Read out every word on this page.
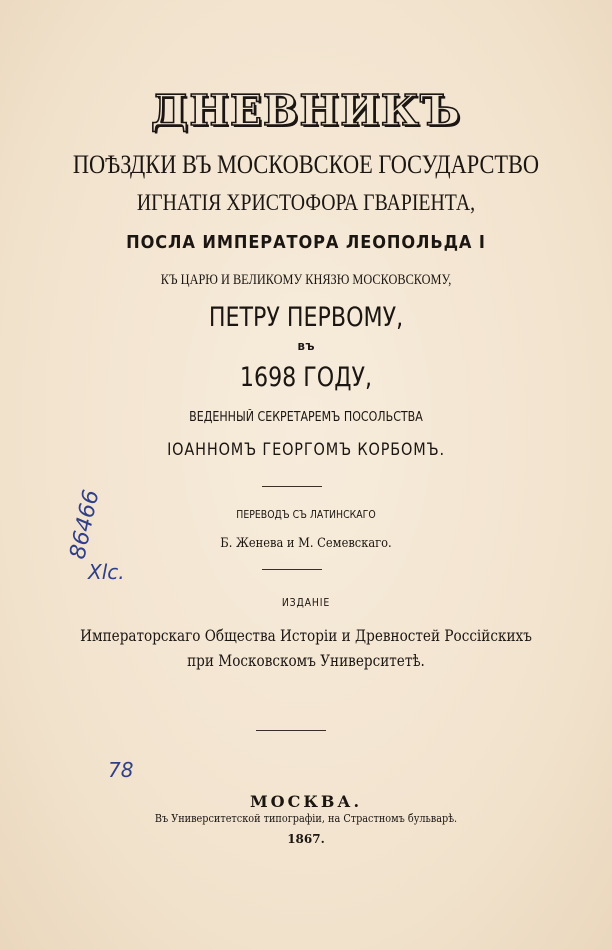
ДНЕВНИКЪ
ПОѢЗДКИ ВЪ МОСКОВСКОЕ ГОСУДАРСТВО
ИГНАТІЯ ХРИСТОФОРА ГВАРІЕНТА,
ПОСЛА ИМПЕРАТОРА ЛЕОПОЛЬДА I
КЪ ЦАРЮ И ВЕЛИКОМУ КНЯЗЮ МОСКОВСКОМУ,
ПЕТРУ ПЕРВОМУ,
ВЪ
1698 ГОДУ,
ВЕДЕННЫЙ СЕКРЕТАРЕМЪ ПОСОЛЬСТВА
ІОАННОМЪ ГЕОРГОМЪ КОРБОМЪ.
ПЕРЕВОДЪ СЪ ЛАТИНСКАГО
Б. Женева и М. Семевскаго.
ИЗДАНІЕ
Императорскаго Общества Исторіи и Древностей Россійскихъ
при Московскомъ Университетѣ.
МОСКВА.
Въ Университетской типографіи, на Страстномъ бульварѣ.
1867.
86466
Xlc.
78
